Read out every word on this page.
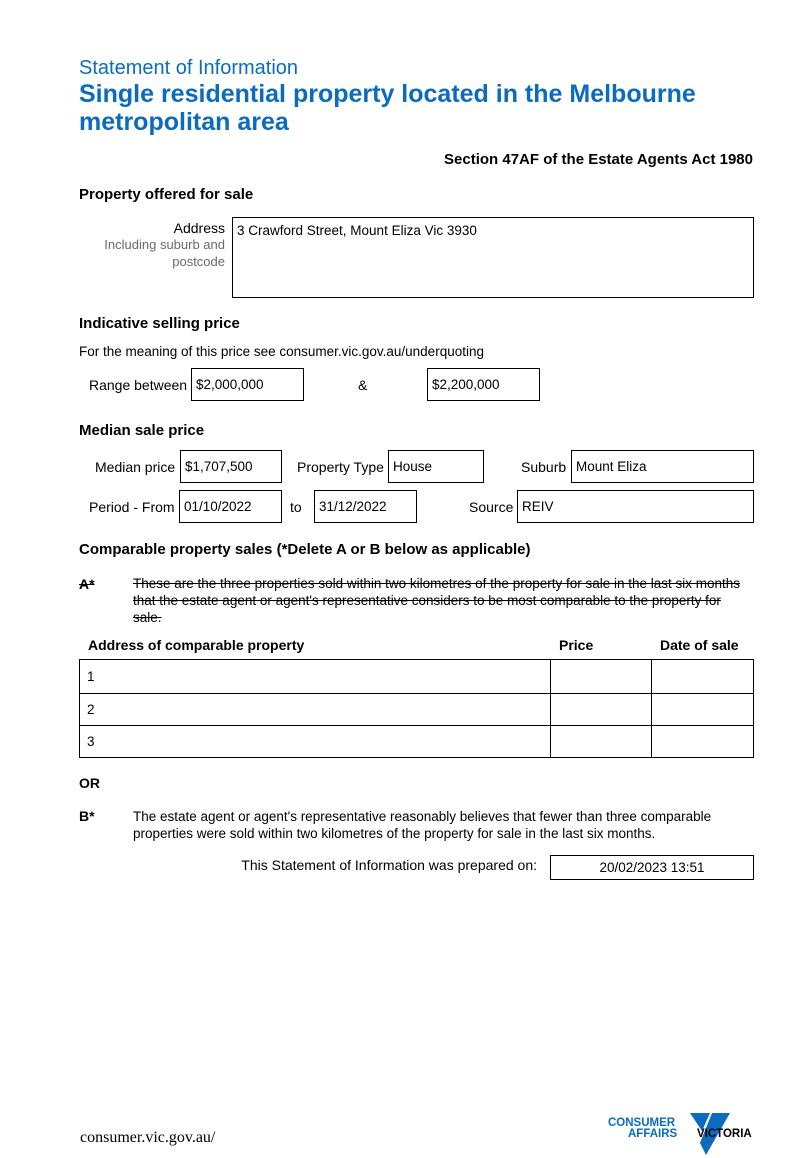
Statement of Information
Single residential property located in the Melbourne metropolitan area
Section 47AF of the Estate Agents Act 1980
Property offered for sale
Address
Including suburb and postcode
3 Crawford Street, Mount Eliza Vic 3930
Indicative selling price
For the meaning of this price see consumer.vic.gov.au/underquoting
Range between $2,000,000	&	$2,200,000
Median sale price
Median price $1,707,500	Property Type House	Suburb Mount Eliza
Period - From 01/10/2022	to	31/12/2022	Source REIV
Comparable property sales (*Delete A or B below as applicable)
A*	These are the three properties sold within two kilometres of the property for sale in the last six months that the estate agent or agent's representative considers to be most comparable to the property for sale.
Address of comparable property	Price	Date of sale
1		
2		
3		
OR
B*	The estate agent or agent's representative reasonably believes that fewer than three comparable properties were sold within two kilometres of the property for sale in the last six months.
This Statement of Information was prepared on:	20/02/2023 13:51
consumer.vic.gov.au/
CONSUMER
AFFAIRS VICTORIA
